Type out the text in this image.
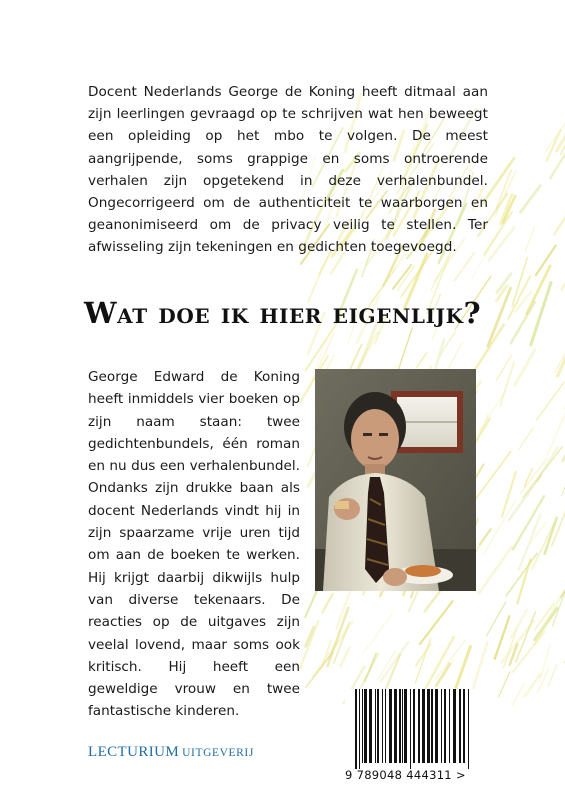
Docent Nederlands George de Koning heeft ditmaal aan zijn leerlingen gevraagd op te schrijven wat hen beweegt een opleiding op het mbo te volgen. De meest aangrijpende, soms grappige en soms ontroerende verhalen zijn opgetekend in deze verhalenbundel. Ongecorrigeerd om de authenticiteit te waarborgen en geanonimiseerd om de privacy veilig te stellen. Ter afwisseling zijn tekeningen en gedichten toegevoegd.

Wat doe ik hier eigenlijk?

George Edward de Koning heeft inmiddels vier boeken op zijn naam staan: twee gedichtenbundels, één roman en nu dus een verhalenbundel. Ondanks zijn drukke baan als docent Nederlands vindt hij in zijn spaarzame vrije uren tijd om aan de boeken te werken. Hij krijgt daarbij dikwijls hulp van diverse tekenaars. De reacties op de uitgaves zijn veelal lovend, maar soms ook kritisch. Hij heeft een geweldige vrouw en twee fantastische kinderen.

LECTURIUM UITGEVERIJ
9 789048 444311 >
